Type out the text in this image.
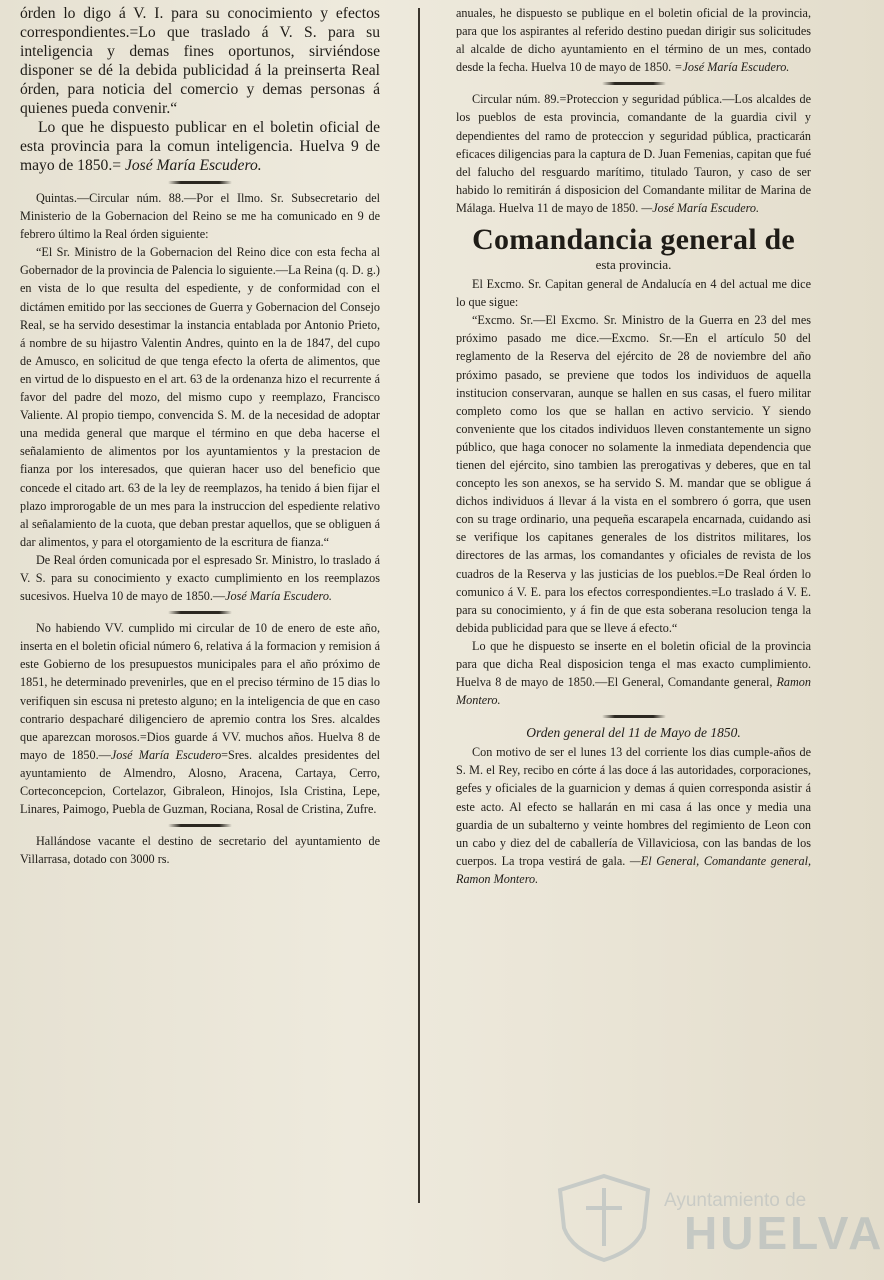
órden lo digo á V. I. para su conocimiento y efectos correspondientes.=Lo que traslado á V. S. para su inteligencia y demas fines oportunos, sirviéndose disponer se dé la debida publicidad á la preinserta Real órden, para noticia del comercio y demas personas á quienes pueda convenir.“

Lo que he dispuesto publicar en el boletin oficial de esta provincia para la comun inteligencia. Huelva 9 de mayo de 1850.= José María Escudero.

Quintas.—Circular núm. 88.—Por el Ilmo. Sr. Subsecretario del Ministerio de la Gobernacion del Reino se me ha comunicado en 9 de febrero último la Real órden siguiente:

“El Sr. Ministro de la Gobernacion del Reino dice con esta fecha al Gobernador de la provincia de Palencia lo siguiente.—La Reina (q. D. g.) en vista de lo que resulta del espediente, y de conformidad con el dictámen emitido por las secciones de Guerra y Gobernacion del Consejo Real, se ha servido desestimar la instancia entablada por Antonio Prieto, á nombre de su hijastro Valentin Andres, quinto en la de 1847, del cupo de Amusco, en solicitud de que tenga efecto la oferta de alimentos, que en virtud de lo dispuesto en el art. 63 de la ordenanza hizo el recurrente á favor del padre del mozo, del mismo cupo y reemplazo, Francisco Valiente. Al propio tiempo, convencida S. M. de la necesidad de adoptar una medida general que marque el término en que deba hacerse el señalamiento de alimentos por los ayuntamientos y la prestacion de fianza por los interesados, que quieran hacer uso del beneficio que concede el citado art. 63 de la ley de reemplazos, ha tenido á bien fijar el plazo improrogable de un mes para la instruccion del espediente relativo al señalamiento de la cuota, que deban prestar aquellos, que se obliguen á dar alimentos, y para el otorgamiento de la escritura de fianza.“

De Real órden comunicada por el espresado Sr. Ministro, lo traslado á V. S. para su conocimiento y exacto cumplimiento en los reemplazos sucesivos. Huelva 10 de mayo de 1850.—José María Escudero.

No habiendo VV. cumplido mi circular de 10 de enero de este año, inserta en el boletin oficial número 6, relativa á la formacion y remision á este Gobierno de los presupuestos municipales para el año próximo de 1851, he determinado prevenirles, que en el preciso término de 15 dias lo verifiquen sin escusa ni pretesto alguno; en la inteligencia de que en caso contrario despacharé diligenciero de apremio contra los Sres. alcaldes que aparezcan morosos.=Dios guarde á VV. muchos años. Huelva 8 de mayo de 1850.—José María Escudero=Sres. alcaldes presidentes del ayuntamiento de Almendro, Alosno, Aracena, Cartaya, Cerro, Corteconcepcion, Cortelazor, Gibraleon, Hinojos, Isla Cristina, Lepe, Linares, Paimogo, Puebla de Guzman, Rociana, Rosal de Cristina, Zufre.

Hallándose vacante el destino de secretario del ayuntamiento de Villarrasa, dotado con 3000 rs.

anuales, he dispuesto se publique en el boletin oficial de la provincia, para que los aspirantes al referido destino puedan dirigir sus solicitudes al alcalde de dicho ayuntamiento en el término de un mes, contado desde la fecha. Huelva 10 de mayo de 1850. =José María Escudero.

Circular núm. 89.=Proteccion y seguridad pública.—Los alcaldes de los pueblos de esta provincia, comandante de la guardia civil y dependientes del ramo de proteccion y seguridad pública, practicarán eficaces diligencias para la captura de D. Juan Femenias, capitan que fué del falucho del resguardo marítimo, titulado Tauron, y caso de ser habido lo remitirán á disposicion del Comandante militar de Marina de Málaga. Huelva 11 de mayo de 1850. —José María Escudero.

Comandancia general de
esta provincia.

El Excmo. Sr. Capitan general de Andalucía en 4 del actual me dice lo que sigue:

“Excmo. Sr.—El Excmo. Sr. Ministro de la Guerra en 23 del mes próximo pasado me dice.—Excmo. Sr.—En el artículo 50 del reglamento de la Reserva del ejército de 28 de noviembre del año próximo pasado, se previene que todos los individuos de aquella institucion conservaran, aunque se hallen en sus casas, el fuero militar completo como los que se hallan en activo servicio. Y siendo conveniente que los citados individuos lleven constantemente un signo público, que haga conocer no solamente la inmediata dependencia que tienen del ejército, sino tambien las prerogativas y deberes, que en tal concepto les son anexos, se ha servido S. M. mandar que se obligue á dichos individuos á llevar á la vista en el sombrero ó gorra, que usen con su trage ordinario, una pequeña escarapela encarnada, cuidando asi se verifique los capitanes generales de los distritos militares, los directores de las armas, los comandantes y oficiales de revista de los cuadros de la Reserva y las justicias de los pueblos.=De Real órden lo comunico á V. E. para los efectos correspondientes.=Lo traslado á V. E. para su conocimiento, y á fin de que esta soberana resolucion tenga la debida publicidad para que se lleve á efecto.“

Lo que he dispuesto se inserte en el boletin oficial de la provincia para que dicha Real disposicion tenga el mas exacto cumplimiento. Huelva 8 de mayo de 1850.—El General, Comandante general, Ramon Montero.

Orden general del 11 de Mayo de 1850.

Con motivo de ser el lunes 13 del corriente los dias cumple-años de S. M. el Rey, recibo en córte á las doce á las autoridades, corporaciones, gefes y oficiales de la guarnicion y demas á quien corresponda asistir á este acto. Al efecto se hallarán en mi casa á las once y media una guardia de un subalterno y veinte hombres del regimiento de Leon con un cabo y diez del de caballería de Villaviciosa, con las bandas de los cuerpos. La tropa vestirá de gala. —El General, Comandante general, Ramon Montero.

Ayuntamiento de
HUELVA
